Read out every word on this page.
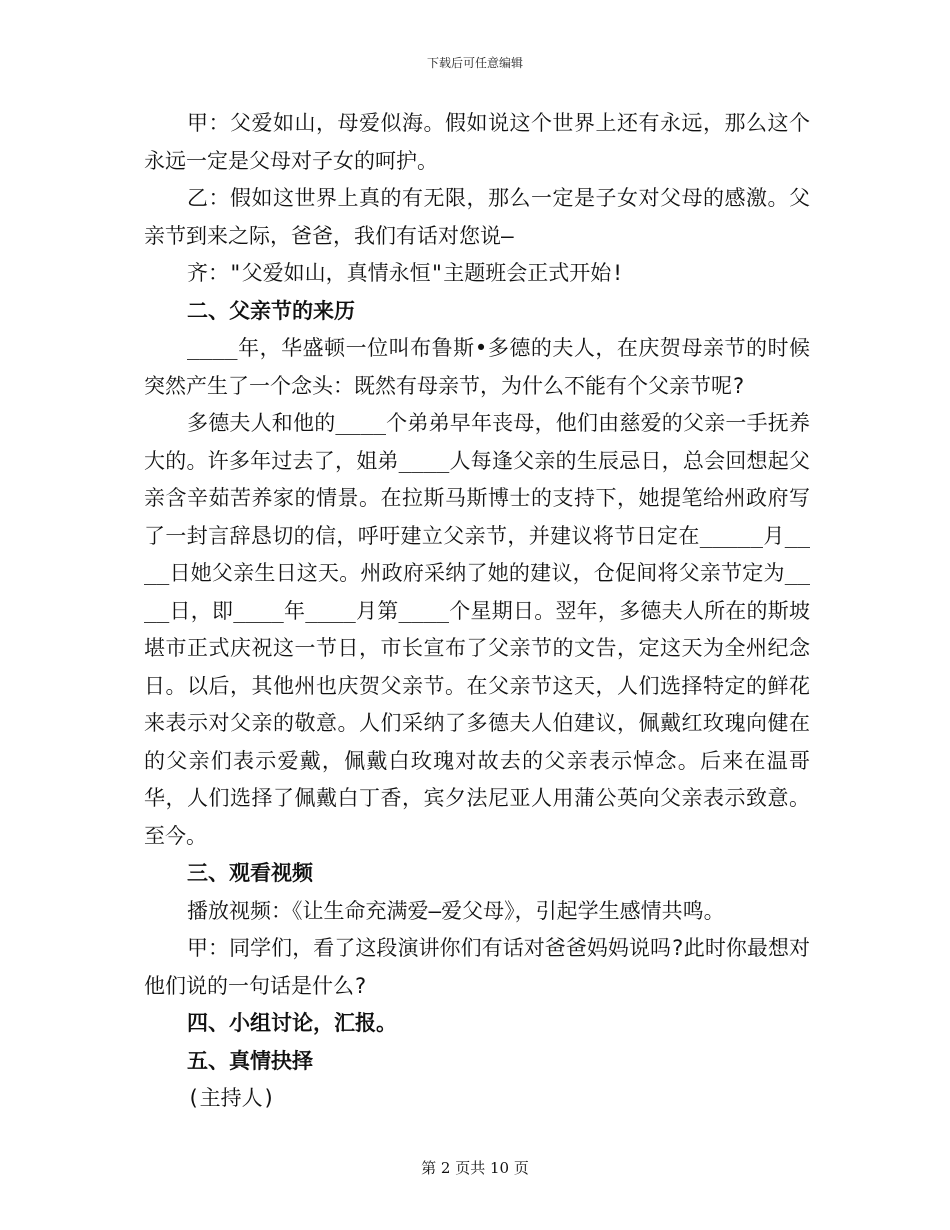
下载后可任意编辑

甲：父爱如山，母爱似海。假如说这个世界上还有永远，那么这个永远一定是父母对子女的呵护。

乙：假如这世界上真的有无限，那么一定是子女对父母的感激。父亲节到来之际，爸爸，我们有话对您说—

齐："父爱如山，真情永恒"主题班会正式开始!

二、父亲节的来历

____年，华盛顿一位叫布鲁斯•多德的夫人，在庆贺母亲节的时候突然产生了一个念头：既然有母亲节，为什么不能有个父亲节呢?

多德夫人和他的____个弟弟早年丧母，他们由慈爱的父亲一手抚养大的。许多年过去了，姐弟____人每逢父亲的生辰忌日，总会回想起父亲含辛茹苦养家的情景。在拉斯马斯博士的支持下，她提笔给州政府写了一封言辞恳切的信，呼吁建立父亲节，并建议将节日定在_____月____日她父亲生日这天。州政府采纳了她的建议，仓促间将父亲节定为____日，即____年____月第____个星期日。翌年，多德夫人所在的斯坡堪市正式庆祝这一节日，市长宣布了父亲节的文告，定这天为全州纪念日。以后，其他州也庆贺父亲节。在父亲节这天，人们选择特定的鲜花来表示对父亲的敬意。人们采纳了多德夫人伯建议，佩戴红玫瑰向健在的父亲们表示爱戴，佩戴白玫瑰对故去的父亲表示悼念。后来在温哥华，人们选择了佩戴白丁香，宾夕法尼亚人用蒲公英向父亲表示致意。至今。

三、观看视频

播放视频：《让生命充满爱—爱父母》，引起学生感情共鸣。

甲：同学们，看了这段演讲你们有话对爸爸妈妈说吗?此时你最想对他们说的一句话是什么?

四、小组讨论，汇报。

五、真情抉择

(主持人)

第 2 页共 10 页
